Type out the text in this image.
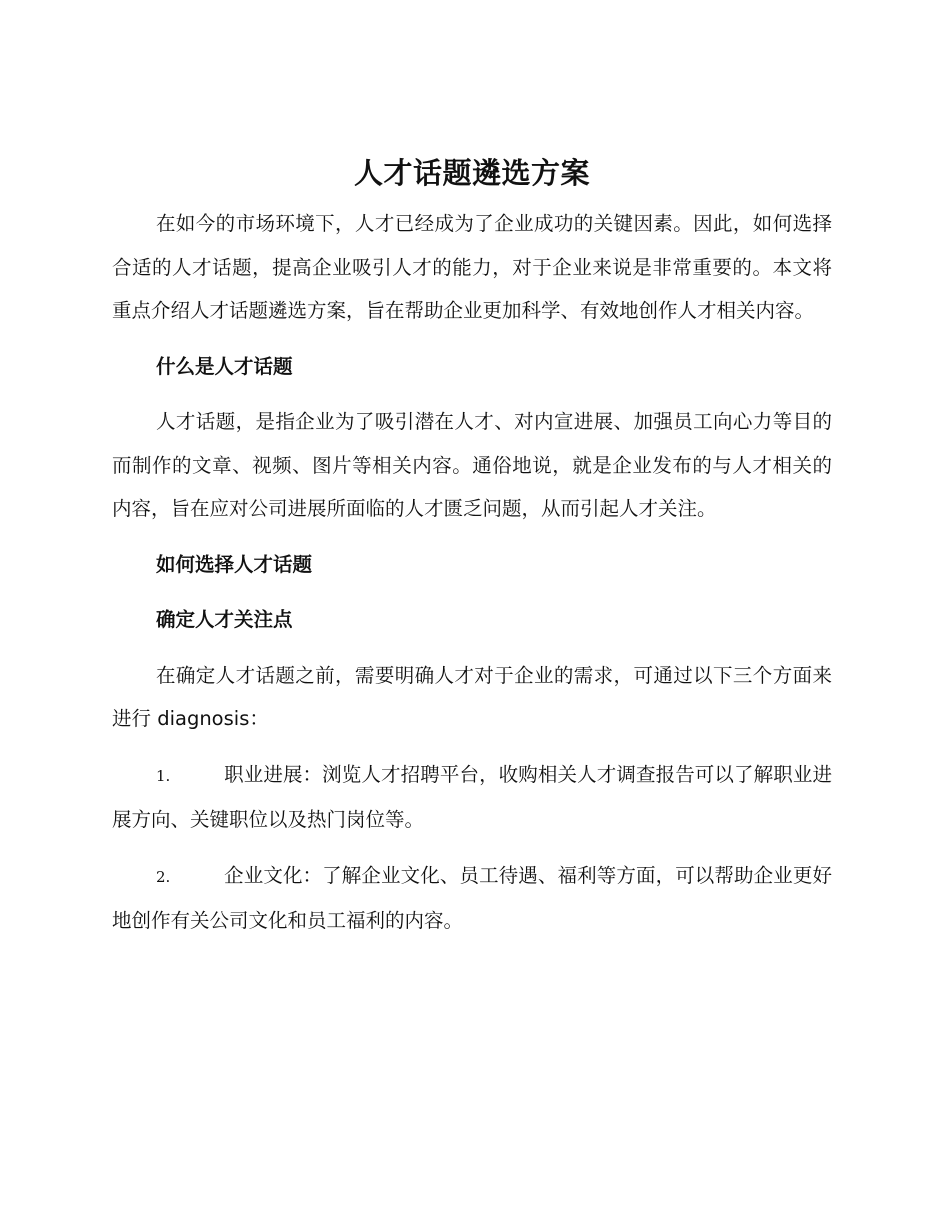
人才话题遴选方案

在如今的市场环境下，人才已经成为了企业成功的关键因素。因此，如何选择合适的人才话题，提高企业吸引人才的能力，对于企业来说是非常重要的。本文将重点介绍人才话题遴选方案，旨在帮助企业更加科学、有效地创作人才相关内容。

什么是人才话题

人才话题，是指企业为了吸引潜在人才、对内宣进展、加强员工向心力等目的而制作的文章、视频、图片等相关内容。通俗地说，就是企业发布的与人才相关的内容，旨在应对公司进展所面临的人才匮乏问题，从而引起人才关注。

如何选择人才话题
确定人才关注点

在确定人才话题之前，需要明确人才对于企业的需求，可通过以下三个方面来进行 diagnosis：

1.	职业进展：浏览人才招聘平台，收购相关人才调查报告可以了解职业进展方向、关键职位以及热门岗位等。
2.	企业文化：了解企业文化、员工待遇、福利等方面，可以帮助企业更好地创作有关公司文化和员工福利的内容。
